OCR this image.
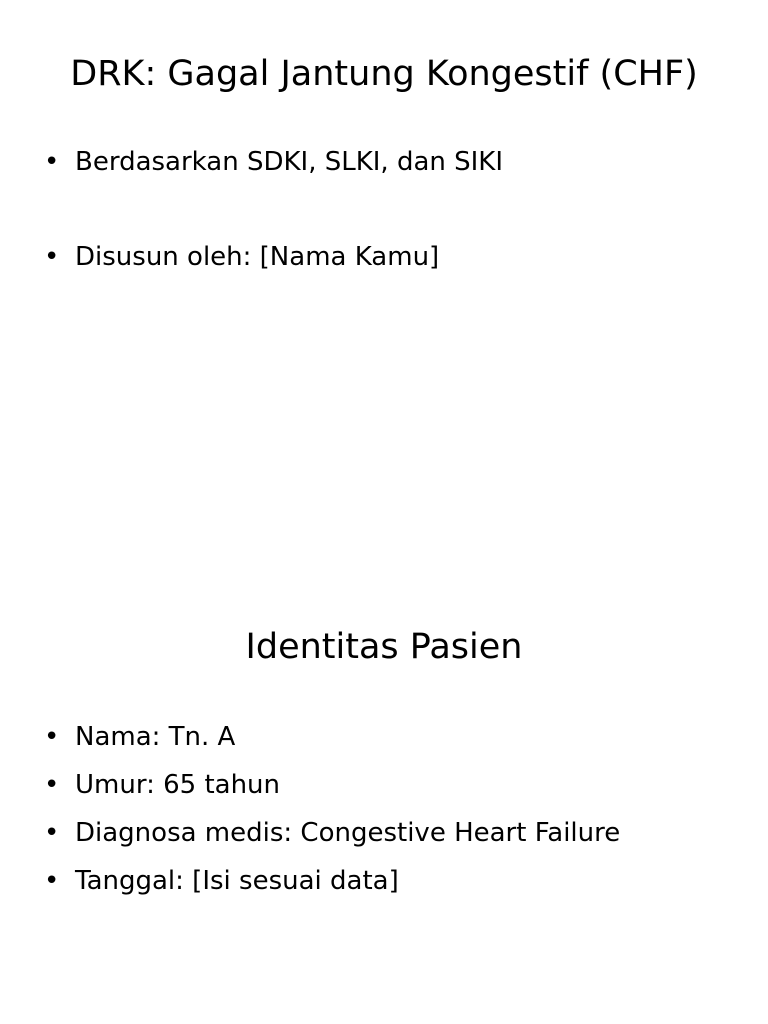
DRK: Gagal Jantung Kongestif (CHF)
• Berdasarkan SDKI, SLKI, dan SIKI
• Disusun oleh: [Nama Kamu]
Identitas Pasien
• Nama: Tn. A
• Umur: 65 tahun
• Diagnosa medis: Congestive Heart Failure
• Tanggal: [Isi sesuai data]
